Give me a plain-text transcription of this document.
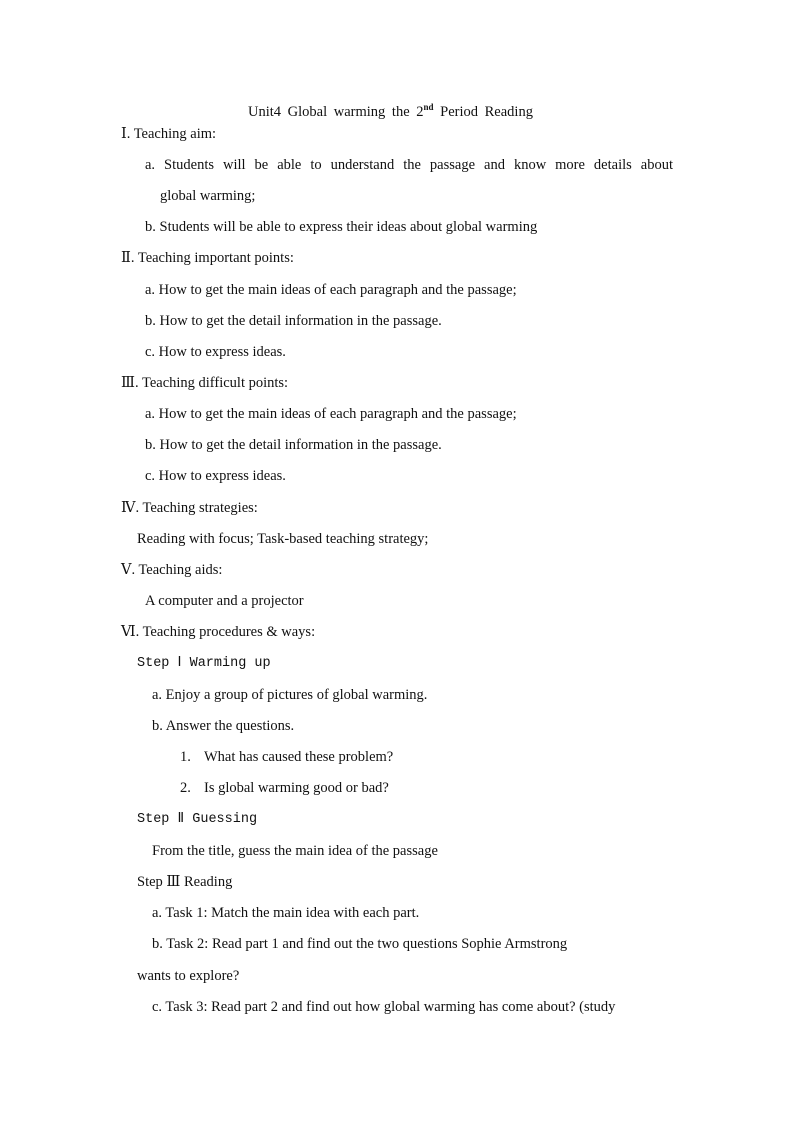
Unit4 Global warming the 2nd Period Reading
Ⅰ. Teaching aim:
a. Students will be able to understand the passage and know more details about
global warming;
b. Students will be able to express their ideas about global warming
Ⅱ. Teaching important points:
a. How to get the main ideas of each paragraph and the passage;
b. How to get the detail information in the passage.
c. How to express ideas.
Ⅲ. Teaching difficult points:
a. How to get the main ideas of each paragraph and the passage;
b. How to get the detail information in the passage.
c. How to express ideas.
Ⅳ. Teaching strategies:
Reading with focus; Task-based teaching strategy;
Ⅴ. Teaching aids:
A computer and a projector
Ⅵ. Teaching procedures & ways:
Step Ⅰ Warming up
a. Enjoy a group of pictures of global warming.
b. Answer the questions.
1. What has caused these problem?
2. Is global warming good or bad?
Step Ⅱ Guessing
From the title, guess the main idea of the passage
Step Ⅲ Reading
a. Task 1: Match the main idea with each part.
b. Task 2: Read part 1 and find out the two questions Sophie Armstrong
wants to explore?
c. Task 3: Read part 2 and find out how global warming has come about? (study
